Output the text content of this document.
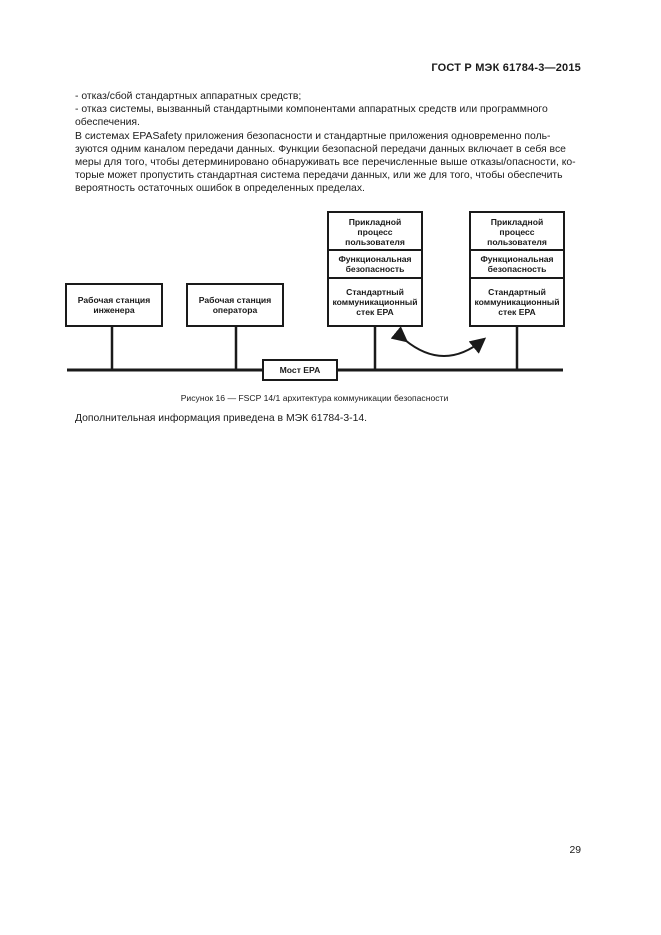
ГОСТ Р МЭК 61784-3—2015

- отказ/сбой стандартных аппаратных средств;

- отказ системы, вызванный стандартными компонентами аппаратных средств или программного

обеспечения.

В системах EPASafety приложения безопасности и стандартные приложения одновременно поль-

зуются одним каналом передачи данных. Функции безопасной передачи данных включает в себя все

меры для того, чтобы детерминировано обнаруживать все перечисленные выше отказы/опасности, ко-

торые может пропустить стандартная система передачи данных, или же для того, чтобы обеспечить

вероятность остаточных ошибок в определенных пределах.

Рабочая станция инженера
Рабочая станция оператора
Прикладной процесс пользователя
Функциональная безопасность
Стандартный коммуникационный стек EPA
Прикладной процесс пользователя
Функциональная безопасность
Стандартный коммуникационный стек EPA
Мост EPA
Рисунок 16 — FSCP 14/1 архитектура коммуникации безопасности
Дополнительная информация приведена в МЭК 61784-3-14.
29
